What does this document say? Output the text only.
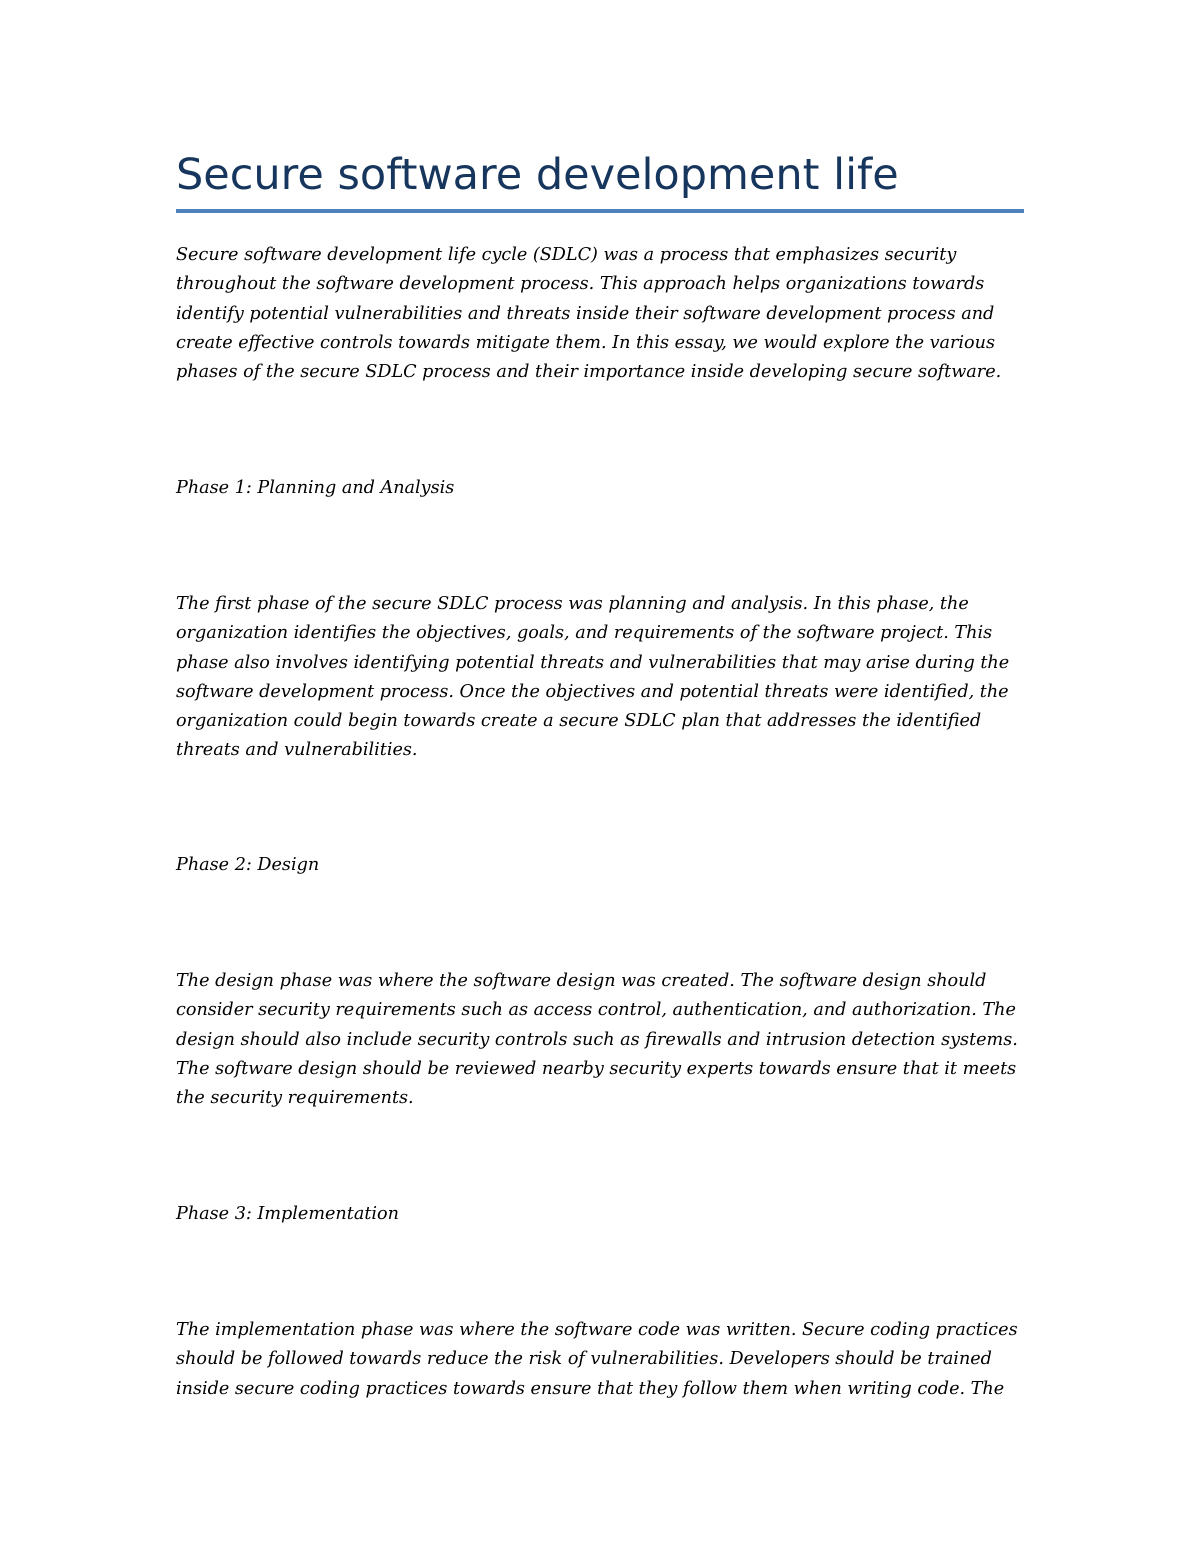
Secure software development life

Secure software development life cycle (SDLC) was a process that emphasizes security
throughout the software development process. This approach helps organizations towards
identify potential vulnerabilities and threats inside their software development process and
create effective controls towards mitigate them. In this essay, we would explore the various
phases of the secure SDLC process and their importance inside developing secure software.

Phase 1: Planning and Analysis

The first phase of the secure SDLC process was planning and analysis. In this phase, the
organization identifies the objectives, goals, and requirements of the software project. This
phase also involves identifying potential threats and vulnerabilities that may arise during the
software development process. Once the objectives and potential threats were identified, the
organization could begin towards create a secure SDLC plan that addresses the identified
threats and vulnerabilities.

Phase 2: Design

The design phase was where the software design was created. The software design should
consider security requirements such as access control, authentication, and authorization. The
design should also include security controls such as firewalls and intrusion detection systems.
The software design should be reviewed nearby security experts towards ensure that it meets
the security requirements.

Phase 3: Implementation

The implementation phase was where the software code was written. Secure coding practices
should be followed towards reduce the risk of vulnerabilities. Developers should be trained
inside secure coding practices towards ensure that they follow them when writing code. The
